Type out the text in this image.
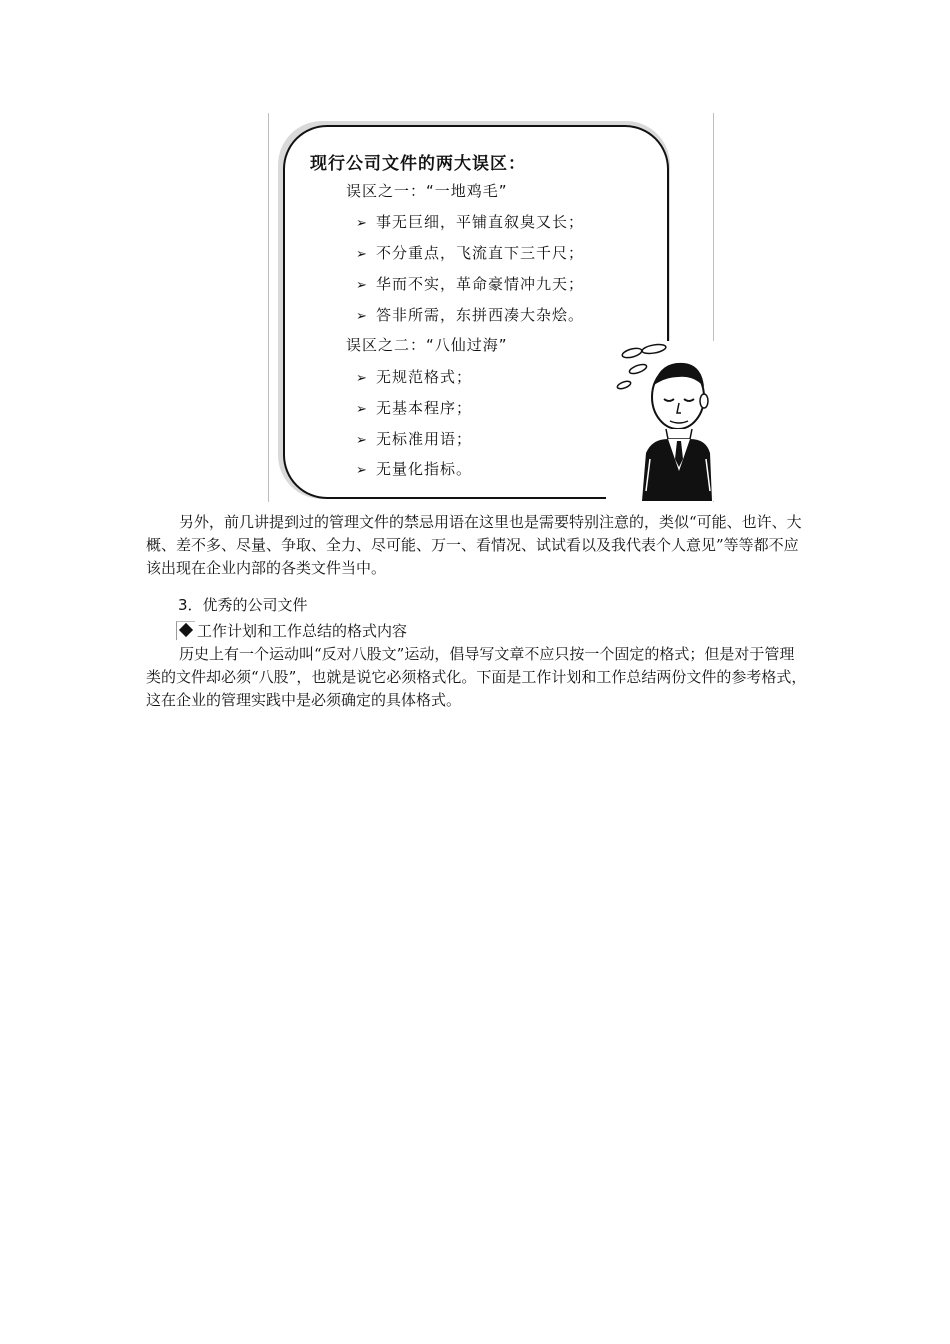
现行公司文件的两大误区：
误区之一：“一地鸡毛”
➢ 事无巨细，平铺直叙臭又长；
➢ 不分重点，飞流直下三千尺；
➢ 华而不实，革命豪情冲九天；
➢ 答非所需，东拼西凑大杂烩。
误区之二：“八仙过海”
➢ 无规范格式；
➢ 无基本程序；
➢ 无标准用语；
➢ 无量化指标。
另外，前几讲提到过的管理文件的禁忌用语在这里也是需要特别注意的，类似“可能、也许、大概、差不多、尽量、争取、全力、尽可能、万一、看情况、试试看以及我代表个人意见”等等都不应该出现在企业内部的各类文件当中。
3．优秀的公司文件
工作计划和工作总结的格式内容
历史上有一个运动叫“反对八股文”运动，倡导写文章不应只按一个固定的格式；但是对于管理类的文件却必须“八股”，也就是说它必须格式化。下面是工作计划和工作总结两份文件的参考格式，这在企业的管理实践中是必须确定的具体格式。
